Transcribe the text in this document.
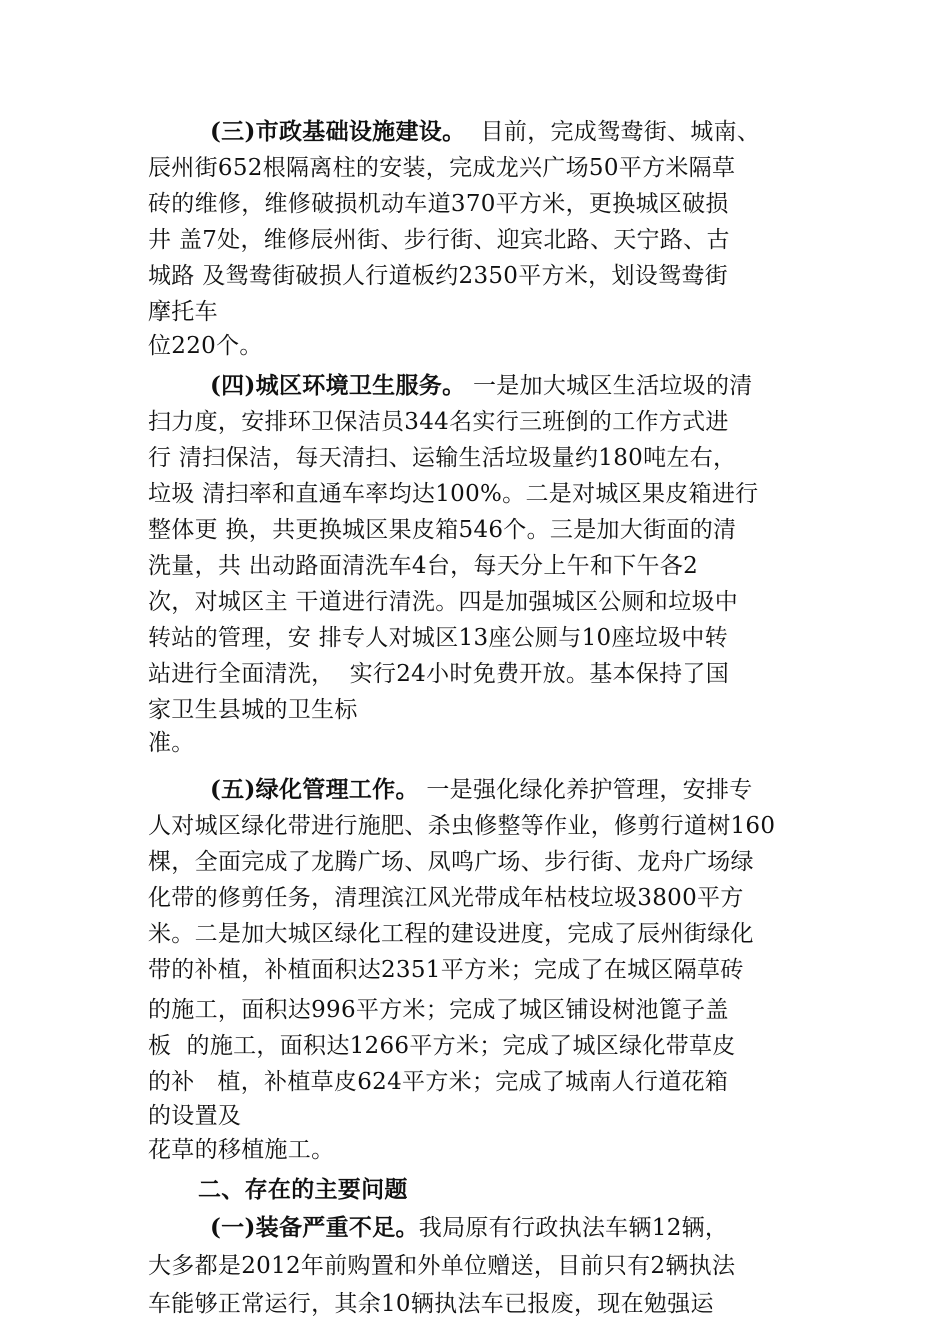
(三)市政基础设施建设。  目前，完成鸳鸯街、城南、
辰州街652根隔离柱的安装，完成龙兴广场50平方米隔草
砖的维修，维修破损机动车道370平方米，更换城区破损
井 盖7处，维修辰州街、步行街、迎宾北路、天宁路、古
城路 及鸳鸯街破损人行道板约2350平方米，划设鸳鸯街
摩托车
位220个。
(四)城区环境卫生服务。 一是加大城区生活垃圾的清
扫力度，安排环卫保洁员344名实行三班倒的工作方式进
行 清扫保洁，每天清扫、运输生活垃圾量约180吨左右，
垃圾 清扫率和直通车率均达100%。二是对城区果皮箱进行
整体更 换，共更换城区果皮箱546个。三是加大街面的清
洗量，共 出动路面清洗车4台，每天分上午和下午各2
次，对城区主 干道进行清洗。四是加强城区公厕和垃圾中
转站的管理，安 排专人对城区13座公厕与10座垃圾中转
站进行全面清洗，  实行24小时免费开放。基本保持了国
家卫生县城的卫生标
准。
(五)绿化管理工作。 一是强化绿化养护管理，安排专
人对城区绿化带进行施肥、杀虫修整等作业，修剪行道树160
棵，全面完成了龙腾广场、凤鸣广场、步行街、龙舟广场绿
化带的修剪任务，清理滨江风光带成年枯枝垃圾3800平方
米。二是加大城区绿化工程的建设进度，完成了辰州街绿化
带的补植，补植面积达2351平方米；完成了在城区隔草砖
的施工，面积达996平方米；完成了城区铺设树池篦子盖
板  的施工，面积达1266平方米；完成了城区绿化带草皮
的补   植，补植草皮624平方米；完成了城南人行道花箱
的设置及
花草的移植施工。
二、存在的主要问题
(一)装备严重不足。我局原有行政执法车辆12辆，
大多都是2012年前购置和外单位赠送，目前只有2辆执法
车能够正常运行，其余10辆执法车已报废，现在勉强运
